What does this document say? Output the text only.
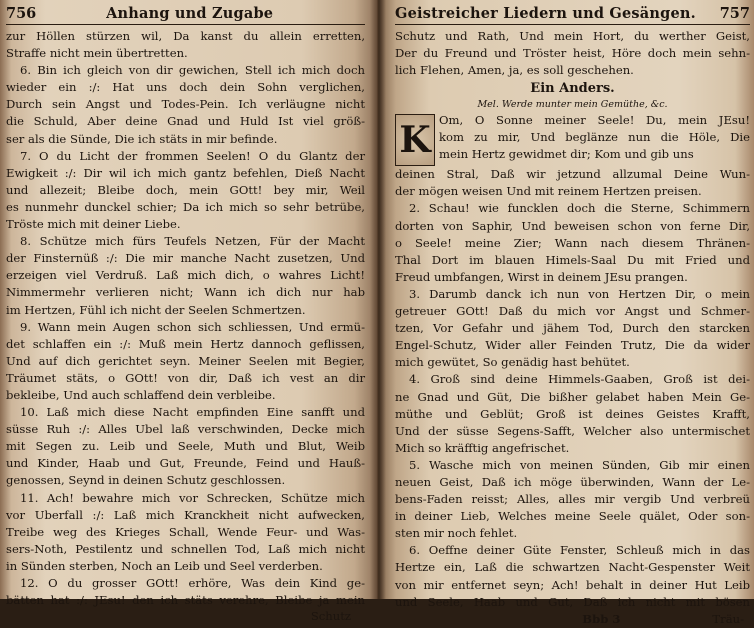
756	Anhang und Zugabe
zur Höllen stürzen wil, Da kanst du allein erretten,
Straffe nicht mein übertretten.
6. Bin ich gleich von dir gewichen, Stell ich mich doch
wieder ein :/: Hat uns doch dein Sohn verglichen,
Durch sein Angst und Todes-Pein. Ich verläugne nicht
die Schuld, Aber deine Gnad und Huld Ist viel größ-
ser als die Sünde, Die ich stäts in mir befinde.
7. O du Licht der frommen Seelen! O du Glantz der
Ewigkeit :/: Dir wil ich mich gantz befehlen, Dieß Nacht
und allezeit; Bleibe doch, mein GOtt! bey mir, Weil
es nunmehr dunckel schier; Da ich mich so sehr betrübe,
Tröste mich mit deiner Liebe.
8. Schütze mich fürs Teufels Netzen, Für der Macht
der Finsternüß :/: Die mir manche Nacht zusetzen, Und
erzeigen viel Verdruß. Laß mich dich, o wahres Licht!
Nimmermehr verlieren nicht; Wann ich dich nur hab
im Hertzen, Fühl ich nicht der Seelen Schmertzen.
9. Wann mein Augen schon sich schliessen, Und ermü-
det schlaffen ein :/: Muß mein Hertz dannoch geflissen,
Und auf dich gerichtet seyn. Meiner Seelen mit Begier,
Träumet stäts, o GOtt! von dir, Daß ich vest an dir
bekleibe, Und auch schlaffend dein verbleibe.
10. Laß mich diese Nacht empfinden Eine sanfft und
süsse Ruh :/: Alles Ubel laß verschwinden, Decke mich
mit Segen zu. Leib und Seele, Muth und Blut, Weib
und Kinder, Haab und Gut, Freunde, Feind und Hauß-
genossen, Seynd in deinen Schutz geschlossen.
11. Ach! bewahre mich vor Schrecken, Schütze mich
vor Uberfall :/: Laß mich Kranckheit nicht aufwecken,
Treibe weg des Krieges Schall, Wende Feur- und Was-
sers-Noth, Pestilentz und schnellen Tod, Laß mich nicht
in Sünden sterben, Noch an Leib und Seel verderben.
12. O du grosser GOtt! erhöre, Was dein Kind ge-
bätten hat :/: JEsu! den ich stäts verehre, Bleibe ja mein
Schutz
Geistreicher Liedern und Gesängen. 757
Schutz und Rath, Und mein Hort, du werther Geist,
Der du Freund und Tröster heist, Höre doch mein sehn-
lich Flehen, Amen, ja, es soll geschehen.
Ein Anders.
Mel. Werde munter mein Gemüthe, &c.
K Om, O Sonne meiner Seele! Du, mein JEsu!
kom zu mir, Und beglänze nun die Höle, Die
mein Hertz gewidmet dir; Kom und gib uns
deinen Stral, Daß wir jetzund allzumal Deine Wun-
der mögen weisen Und mit reinem Hertzen preisen.
2. Schau! wie funcklen doch die Sterne, Schimmern
dorten von Saphir, Und beweisen schon von ferne Dir,
o Seele! meine Zier; Wann nach diesem Thränen-
Thal Dort im blauen Himels-Saal Du mit Fried und
Freud umbfangen, Wirst in deinem JEsu prangen.
3. Darumb danck ich nun von Hertzen Dir, o mein
getreuer GOtt! Daß du mich vor Angst und Schmer-
tzen, Vor Gefahr und jähem Tod, Durch den starcken
Engel-Schutz, Wider aller Feinden Trutz, Die da wider
mich gewütet, So genädig hast behütet.
4. Groß sind deine Himmels-Gaaben, Groß ist dei-
ne Gnad und Güt, Die bißher gelabet haben Mein Ge-
müthe und Geblüt; Groß ist deines Geistes Krafft,
Und der süsse Segens-Safft, Welcher also untermischet
Mich so kräfftig angefrischet.
5. Wasche mich von meinen Sünden, Gib mir einen
neuen Geist, Daß ich möge überwinden, Wann der Le-
bens-Faden reisst; Alles, alles mir vergib Und verbreü
in deiner Lieb, Welches meine Seele quälet, Oder son-
sten mir noch fehlet.
6. Oeffne deiner Güte Fenster, Schleuß mich in das
Hertze ein, Laß die schwartzen Nacht-Gespenster Weit
von mir entfernet seyn; Ach! behalt in deiner Hut Leib
und Seele, Haab und Gut, Daß ich nicht mit bösen
Bbb 3	Träu-
